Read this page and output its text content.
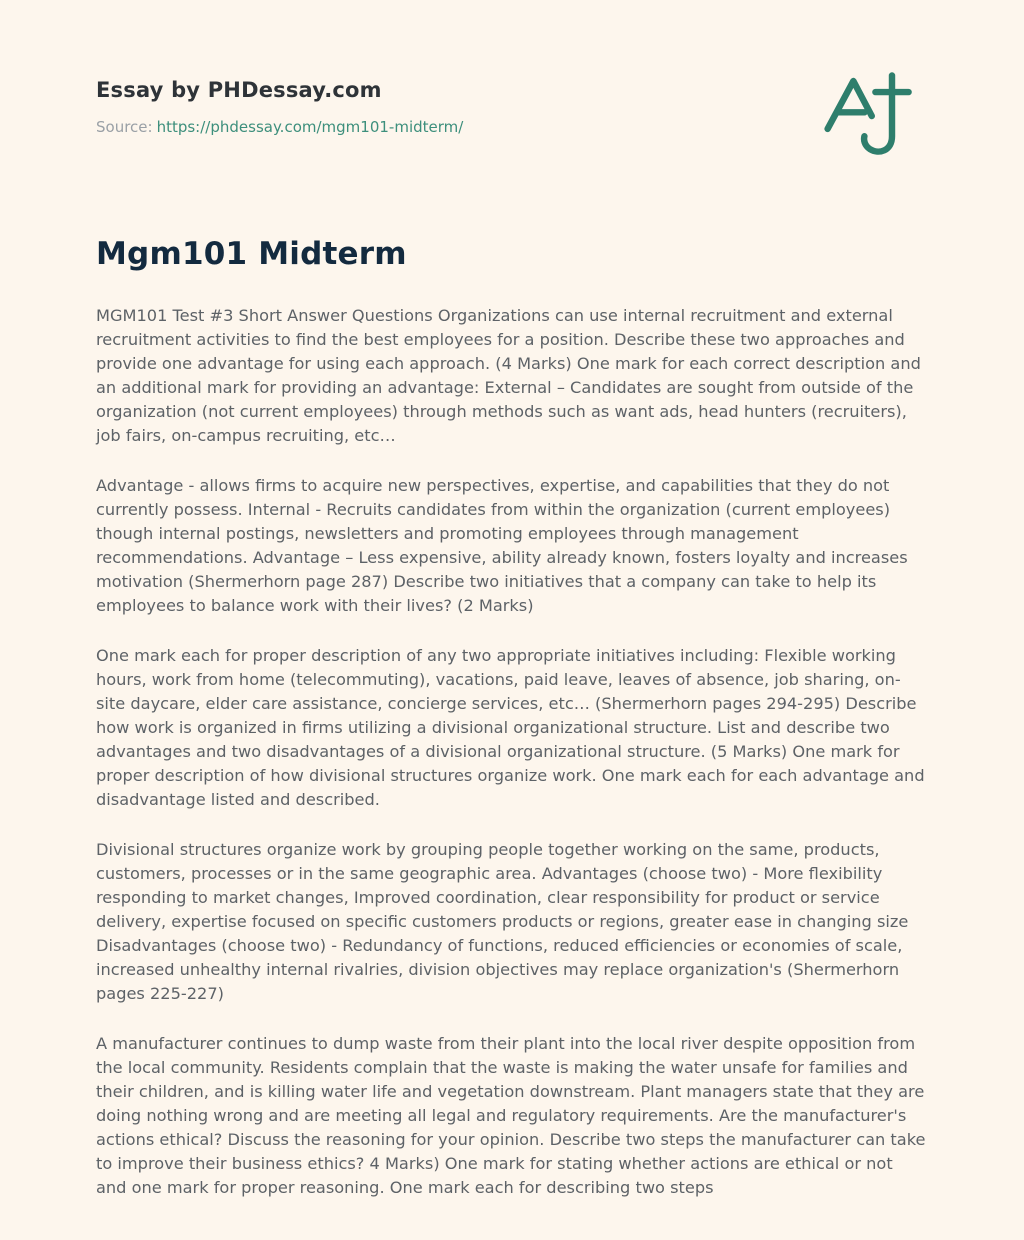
Essay by PHDessay.com

Source: https://phdessay.com/mgm101-midterm/

Mgm101 Midterm

MGM101 Test #3 Short Answer Questions Organizations can use internal recruitment and external recruitment activities to find the best employees for a position. Describe these two approaches and provide one advantage for using each approach. (4 Marks) One mark for each correct description and an additional mark for providing an advantage: External – Candidates are sought from outside of the organization (not current employees) through methods such as want ads, head hunters (recruiters), job fairs, on-campus recruiting, etc…

Advantage - allows firms to acquire new perspectives, expertise, and capabilities that they do not currently possess. Internal - Recruits candidates from within the organization (current employees) though internal postings, newsletters and promoting employees through management recommendations. Advantage – Less expensive, ability already known, fosters loyalty and increases motivation (Shermerhorn page 287) Describe two initiatives that a company can take to help its employees to balance work with their lives? (2 Marks)

One mark each for proper description of any two appropriate initiatives including: Flexible working hours, work from home (telecommuting), vacations, paid leave, leaves of absence, job sharing, on-site daycare, elder care assistance, concierge services, etc… (Shermerhorn pages 294-295) Describe how work is organized in firms utilizing a divisional organizational structure. List and describe two advantages and two disadvantages of a divisional organizational structure. (5 Marks) One mark for proper description of how divisional structures organize work. One mark each for each advantage and disadvantage listed and described.

Divisional structures organize work by grouping people together working on the same, products, customers, processes or in the same geographic area. Advantages (choose two) - More flexibility responding to market changes, Improved coordination, clear responsibility for product or service delivery, expertise focused on specific customers products or regions, greater ease in changing size Disadvantages (choose two) - Redundancy of functions, reduced efficiencies or economies of scale, increased unhealthy internal rivalries, division objectives may replace organization's (Shermerhorn pages 225-227)

A manufacturer continues to dump waste from their plant into the local river despite opposition from the local community. Residents complain that the waste is making the water unsafe for families and their children, and is killing water life and vegetation downstream. Plant managers state that they are doing nothing wrong and are meeting all legal and regulatory requirements. Are the manufacturer's actions ethical? Discuss the reasoning for your opinion. Describe two steps the manufacturer can take to improve their business ethics? 4 Marks) One mark for stating whether actions are ethical or not and one mark for proper reasoning. One mark each for describing two steps
